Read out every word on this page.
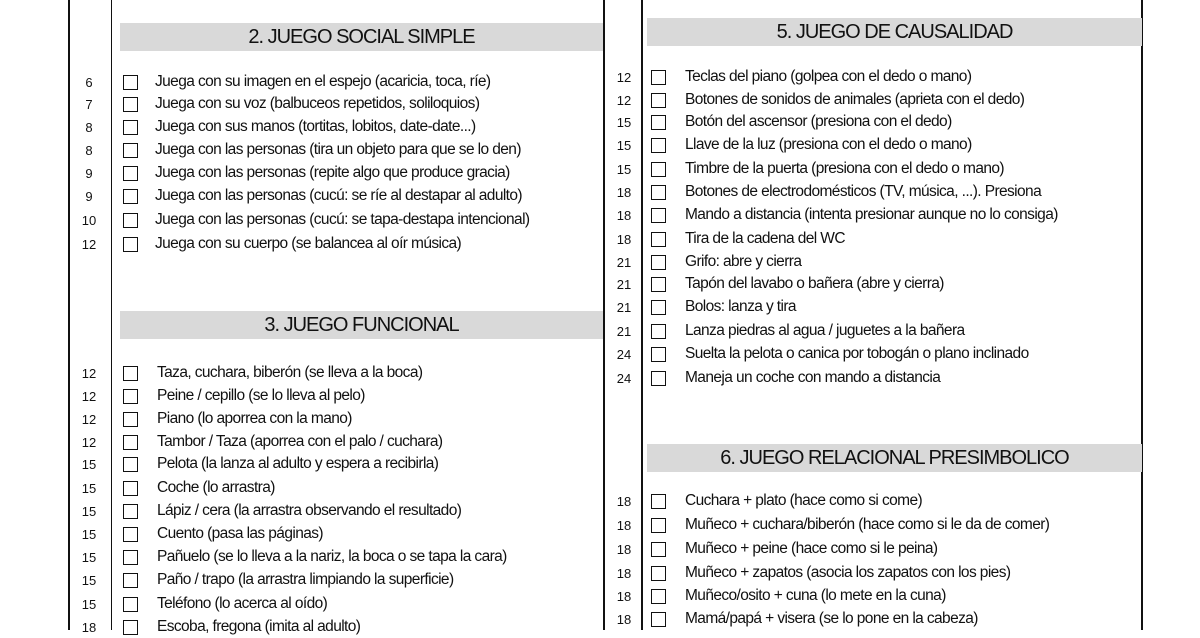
2. JUEGO SOCIAL SIMPLE
6	Juega con su imagen en el espejo (acaricia, toca, ríe)
7	Juega con su voz (balbuceos repetidos, soliloquios)
8	Juega con sus manos (tortitas, lobitos, date-date...)
8	Juega con las personas (tira un objeto para que se lo den)
9	Juega con las personas (repite algo que produce gracia)
9	Juega con las personas (cucú: se ríe al destapar al adulto)
10	Juega con las personas (cucú: se tapa-destapa intencional)
12	Juega con su cuerpo (se balancea al oír música)
3. JUEGO FUNCIONAL
12	Taza, cuchara, biberón (se lleva a la boca)
12	Peine / cepillo (se lo lleva al pelo)
12	Piano (lo aporrea con la mano)
12	Tambor / Taza (aporrea con el palo / cuchara)
15	Pelota (la lanza al adulto y espera a recibirla)
15	Coche (lo arrastra)
15	Lápiz / cera (la arrastra observando el resultado)
15	Cuento (pasa las páginas)
15	Pañuelo (se lo lleva a la nariz, la boca o se tapa la cara)
15	Paño / trapo (la arrastra limpiando la superficie)
15	Teléfono (lo acerca al oído)
18	Escoba, fregona (imita al adulto)
5. JUEGO DE CAUSALIDAD
12	Teclas del piano (golpea con el dedo o mano)
12	Botones de sonidos de animales (aprieta con el dedo)
15	Botón del ascensor (presiona con el dedo)
15	Llave de la luz (presiona con el dedo o mano)
15	Timbre de la puerta (presiona con el dedo o mano)
18	Botones de electrodomésticos (TV, música, ...). Presiona
18	Mando a distancia (intenta presionar aunque no lo consiga)
18	Tira de la cadena del WC
21	Grifo: abre y cierra
21	Tapón del lavabo o bañera (abre y cierra)
21	Bolos: lanza y tira
21	Lanza piedras al agua / juguetes a la bañera
24	Suelta la pelota o canica por tobogán o plano inclinado
24	Maneja un coche con mando a distancia
6. JUEGO RELACIONAL PRESIMBOLICO
18	Cuchara + plato (hace como si come)
18	Muñeco + cuchara/biberón (hace como si le da de comer)
18	Muñeco + peine (hace como si le peina)
18	Muñeco + zapatos (asocia los zapatos con los pies)
18	Muñeco/osito + cuna (lo mete en la cuna)
18	Mamá/papá + visera (se lo pone en la cabeza)
